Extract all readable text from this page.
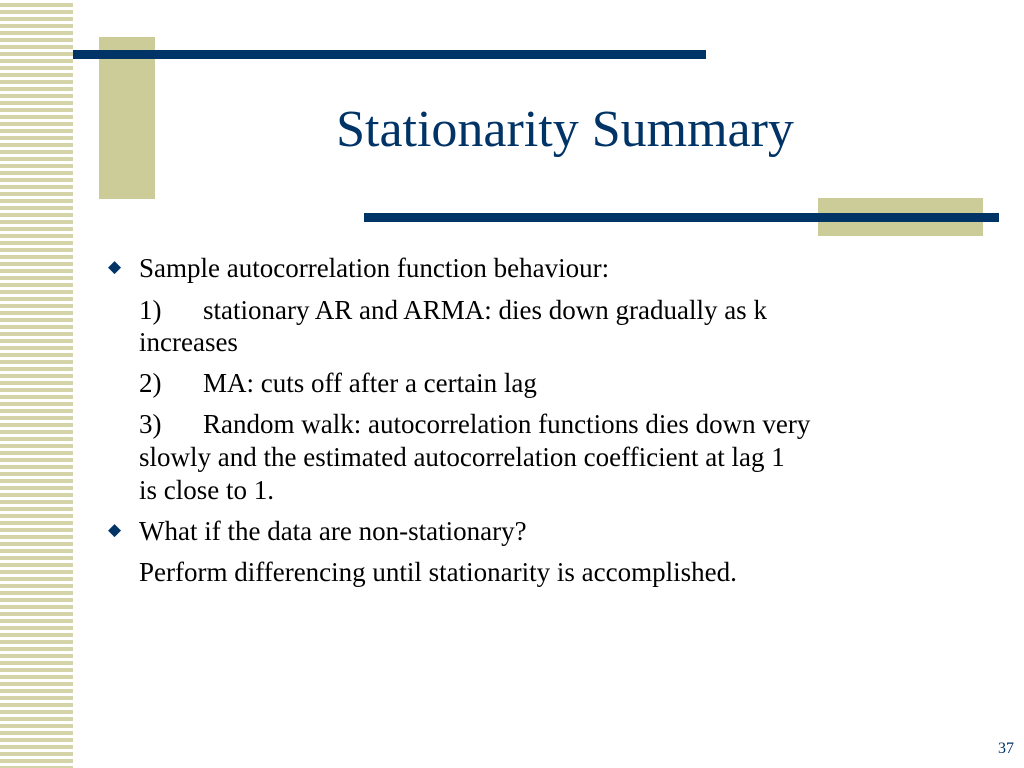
Stationarity Summary
◆ Sample autocorrelation function behaviour:
1) stationary AR and ARMA: dies down gradually as k
increases
2) MA: cuts off after a certain lag
3) Random walk: autocorrelation functions dies down very
slowly and the estimated autocorrelation coefficient at lag 1
is close to 1.
◆ What if the data are non-stationary?
Perform differencing until stationarity is accomplished.
37
